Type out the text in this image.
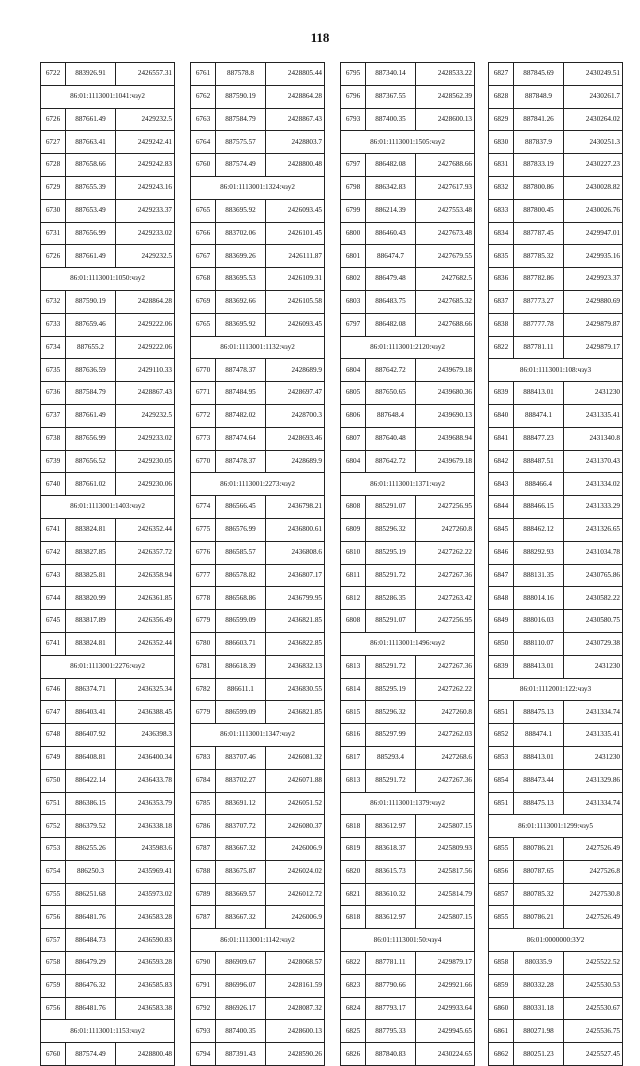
118
6722	883926.91	2426557.31
86:01:1113001:1041:чзу2		
6726	887661.49	2429232.5
6727	887663.41	2429242.41
6728	887658.66	2429242.83
6729	887655.39	2429243.16
6730	887653.49	2429233.37
6731	887656.99	2429233.02
6726	887661.49	2429232.5
86:01:1113001:1050:чзу2		
6732	887590.19	2428864.28
6733	887659.46	2429222.06
6734	887655.2	2429222.06
6735	887636.59	2429110.33
6736	887584.79	2428867.43
6737	887661.49	2429232.5
6738	887656.99	2429233.02
6739	887656.52	2429230.05
6740	887661.02	2429230.06
86:01:1113001:1403:чзу2		
6741	883824.81	2426352.44
6742	883827.85	2426357.72
6743	883825.81	2426358.94
6744	883820.99	2426361.85
6745	883817.89	2426356.49
6741	883824.81	2426352.44
86:01:1113001:2276:чзу2		
6746	886374.71	2436325.34
6747	886403.41	2436388.45
6748	886407.92	2436398.3
6749	886408.81	2436400.34
6750	886422.14	2436433.78
6751	886386.15	2436353.79
6752	886379.52	2436338.18
6753	886255.26	2435983.6
6754	886250.3	2435969.41
6755	886251.68	2435973.02
6756	886481.76	2436583.28
6757	886484.73	2436590.83
6758	886479.29	2436593.28
6759	886476.32	2436585.83
6756	886481.76	2436583.38
86:01:1113001:1153:чзу2		
6760	887574.49	2428800.48
6761	887578.8	2428805.44
6762	887590.19	2428864.28
6763	887584.79	2428867.43
6764	887575.57	2428803.7
6760	887574.49	2428800.48
86:01:1113001:1324:чзу2		
6765	883695.92	2426093.45
6766	883702.06	2426101.45
6767	883699.26	2426111.87
6768	883695.53	2426109.31
6769	883692.66	2426105.58
6765	883695.92	2426093.45
86:01:1113001:1132:чзу2		
6770	887478.37	2428689.9
6771	887484.95	2428697.47
6772	887482.02	2428700.3
6773	887474.64	2428693.46
6770	887478.37	2428689.9
86:01:1113001:2273:чзу2		
6774	886566.45	2436798.21
6775	886576.99	2436800.61
6776	886585.57	2436808.6
6777	886578.82	2436807.17
6778	886568.86	2436799.95
6779	886599.09	2436821.85
6780	886603.71	2436822.85
6781	886618.39	2436832.13
6782	886611.1	2436830.55
6779	886599.09	2436821.85
86:01:1113001:1347:чзу2		
6783	883707.46	2426081.32
6784	883702.27	2426071.88
6785	883691.12	2426051.52
6786	883707.72	2426080.37
6787	883667.32	2426006.9
6788	883675.87	2426024.02
6789	883669.57	2426012.72
6787	883667.32	2426006.9
86:01:1113001:1142:чзу2		
6790	886909.67	2428068.57
6791	886996.07	2428161.59
6792	886926.17	2428087.32
6793	887400.35	2428600.13
6794	887391.43	2428590.26
6795	887340.14	2428533.22
6796	887367.55	2428562.39
6793	887400.35	2428600.13
86:01:1113001:1505:чзу2		
6797	886482.08	2427688.66
6798	886342.83	2427617.93
6799	886214.39	2427553.48
6800	886460.43	2427673.48
6801	886474.7	2427679.55
6802	886479.48	2427682.5
6803	886483.75	2427685.32
6797	886482.08	2427688.66
86:01:1113001:2120:чзу2		
6804	887642.72	2439679.18
6805	887650.65	2439680.36
6806	887648.4	2439690.13
6807	887640.48	2439688.94
6804	887642.72	2439679.18
86:01:1113001:1371:чзу2		
6808	885291.07	2427256.95
6809	885296.32	2427260.8
6810	885295.19	2427262.22
6811	885291.72	2427267.36
6812	885286.35	2427263.42
6808	885291.07	2427256.95
86:01:1113001:1496:чзу2		
6813	885291.72	2427267.36
6814	885295.19	2427262.22
6815	885296.32	2427260.8
6816	885297.99	2427262.03
6817	885293.4	2427268.6
6813	885291.72	2427267.36
86:01:1113001:1379:чзу2		
6818	883612.97	2425807.15
6819	883618.37	2425809.93
6820	883615.73	2425817.56
6821	883610.32	2425814.79
6818	883612.97	2425807.15
86:01:1113001:50:чзу4		
6822	887781.11	2429879.17
6823	887790.66	2429921.66
6824	887793.17	2429933.64
6825	887795.33	2429945.65
6826	887840.83	2430224.65
6827	887845.69	2430249.51
6828	887848.9	2430261.7
6829	887841.26	2430264.02
6830	887837.9	2430251.3
6831	887833.19	2430227.23
6832	887800.86	2430028.82
6833	887800.45	2430026.76
6834	887787.45	2429947.01
6835	887785.32	2429935.16
6836	887782.86	2429923.37
6837	887773.27	2429880.69
6838	887777.78	2429879.87
6822	887781.11	2429879.17
86:01:1113001:108:чзу3		
6839	888413.01	2431230
6840	888474.1	2431335.41
6841	888477.23	2431340.8
6842	888487.51	2431370.43
6843	888466.4	2431334.02
6844	888466.15	2431333.29
6845	888462.12	2431326.65
6846	888292.93	2431034.78
6847	888131.35	2430765.86
6848	888014.16	2430582.22
6849	888016.03	2430580.75
6850	888110.07	2430729.38
6839	888413.01	2431230
86:01:1112001:122:чзу3		
6851	888475.13	2431334.74
6852	888474.1	2431335.41
6853	888413.01	2431230
6854	888473.44	2431329.86
6851	888475.13	2431334.74
86:01:1113001:1299:чзу5		
6855	880786.21	2427526.49
6856	880787.65	2427526.8
6857	880785.32	2427530.8
6855	880786.21	2427526.49
86:01:0000000:3У2		
6858	880335.9	2425522.52
6859	880332.28	2425530.53
6860	880331.18	2425530.67
6861	880271.98	2425536.75
6862	880251.23	2425527.45
